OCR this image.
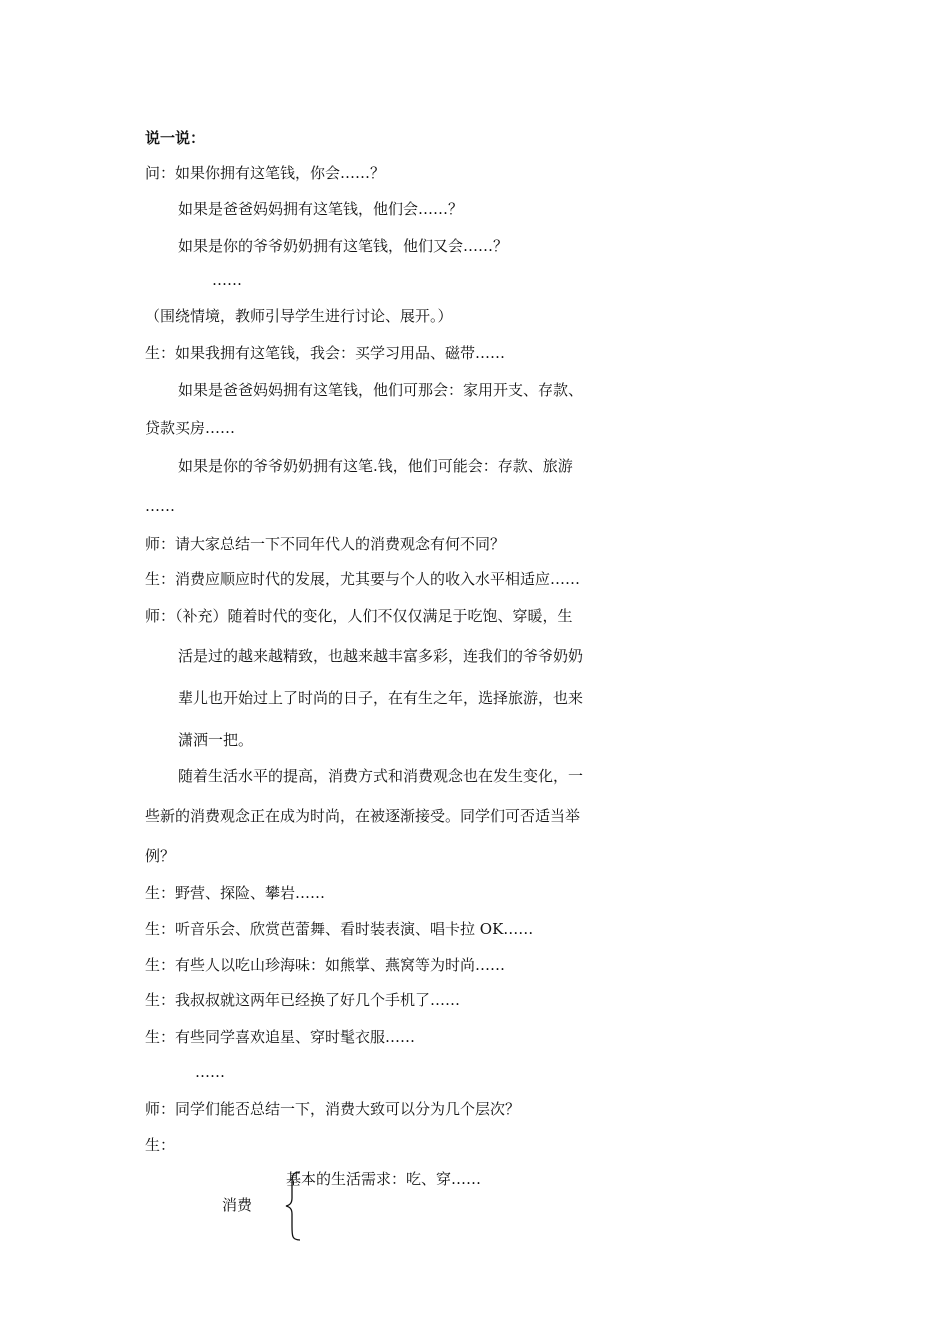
说一说：
问：如果你拥有这笔钱，你会……？
如果是爸爸妈妈拥有这笔钱，他们会……？
如果是你的爷爷奶奶拥有这笔钱，他们又会……？
……
（围绕情境，教师引导学生进行讨论、展开。）
生：如果我拥有这笔钱，我会：买学习用品、磁带……
如果是爸爸妈妈拥有这笔钱，他们可那会：家用开支、存款、
贷款买房……
如果是你的爷爷奶奶拥有这笔.钱，他们可能会：存款、旅游
……
师：请大家总结一下不同年代人的消费观念有何不同？
生：消费应顺应时代的发展，尤其要与个人的收入水平相适应……
师：（补充）随着时代的变化，人们不仅仅满足于吃饱、穿暖，生
活是过的越来越精致，也越来越丰富多彩，连我们的爷爷奶奶
辈儿也开始过上了时尚的日子，在有生之年，选择旅游，也来
潇洒一把。
随着生活水平的提高，消费方式和消费观念也在发生变化，一
些新的消费观念正在成为时尚，在被逐渐接受。同学们可否适当举
例？
生：野营、探险、攀岩……
生：听音乐会、欣赏芭蕾舞、看时装表演、唱卡拉 OK……
生：有些人以吃山珍海味：如熊掌、燕窝等为时尚……
生：我叔叔就这两年已经换了好几个手机了……
生：有些同学喜欢追星、穿时髦衣服……
……
师：同学们能否总结一下，消费大致可以分为几个层次？
生：
消费
基本的生活需求：吃、穿……
